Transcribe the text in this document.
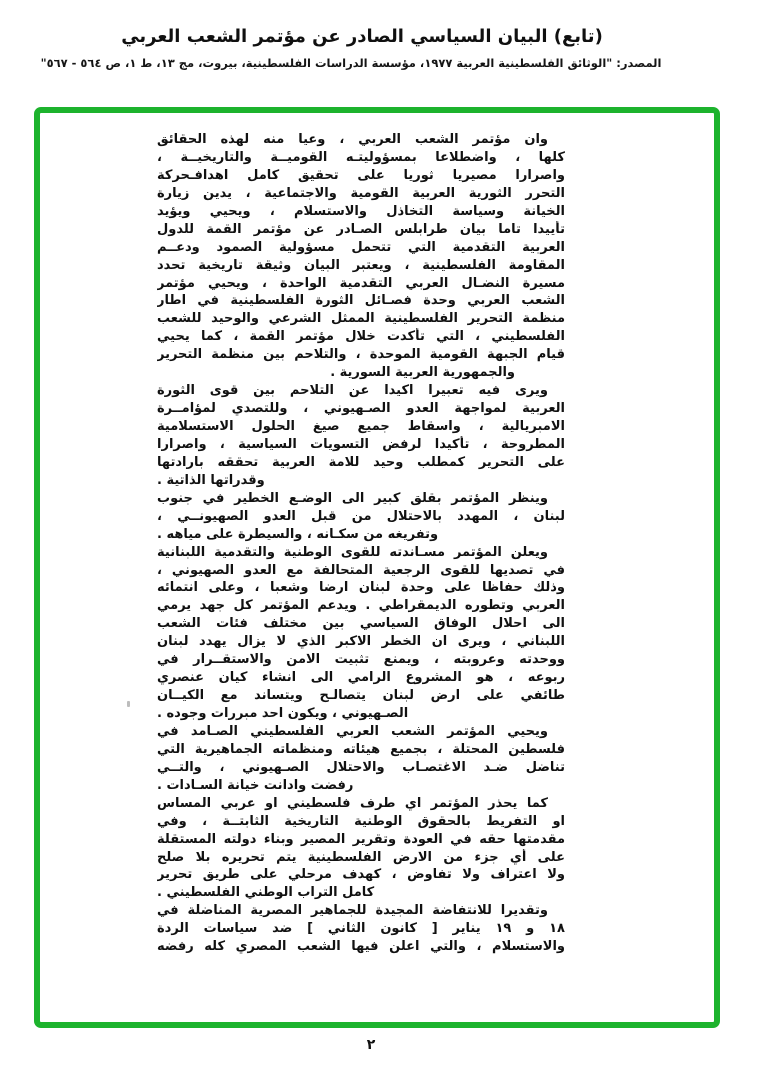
(تابع) البيان السياسي الصادر عن مؤتمر الشعب العربي
المصدر: "الوثائق الفلسطينية العربية ١٩٧٧، مؤسسة الدراسات الفلسطينية، بيروت، مج ١٣، ط ١، ص ٥٦٤ - ٥٦٧"
وان مؤتمر الشعب العربي ، وعيا منه لهذه الحقائق
كلها ، واضطلاعا بمسؤوليتـه القوميــة والتاريخيــة ،
واصرارا مصيريا ثوريا على تحقيق كامل اهدافـحركة
التحرر الثورية العربية القومية والاجتماعية ، يدين زيارة
الخيانة وسياسة التخاذل والاستسلام ، ويحيي ويؤيد
تأييدا تاما بيان طرابلس الصـادر عن مؤتمر القمة للدول
العربية التقدمية التي تتحمل مسؤولية الصمود ودعــم
المقاومة الفلسطينية ، ويعتبر البيان وثيقة تاريخية تحدد
مسيرة النضـال العربي التقدمية الواحدة ، ويحيي مؤتمر
الشعب العربي وحدة فصـائل الثورة الفلسطينية في اطار
منظمة التحرير الفلسطينية الممثل الشرعي والوحيد للشعب
الفلسطيني ، التي تأكدت خلال مؤتمر القمة ، كما يحيي
قيام الجبهة القومية الموحدة ، والتلاحم بين منظمة التحرير
والجمهورية العربية السورية .
ويرى فيه تعبيرا اكيدا عن التلاحم بين قوى الثورة
العربية لمواجهة العدو الصـهيوني ، وللتصدي لمؤامــرة
الامبريالية ، واسقاط جميع صيغ الحلول الاستسلامية
المطروحة ، تأكيدا لرفض التسويات السياسية ، واصرارا
على التحرير كمطلب وحيد للامة العربية تحققه بارادتها
وقدراتها الذاتية .
وينظر المؤتمر بقلق كبير الى الوضـع الخطير في جنوب
لبنان ، المهدد بالاحتلال من قبل العدو الصهيونــي ،
وتفريغه من سكـانه ، والسيطرة على مياهه .
ويعلن المؤتمر مسـاندته للقوى الوطنية والتقدمية اللبنانية
في تصديها للقوى الرجعية المتحالفة مع العدو الصهيوني ،
وذلك حفاظا على وحدة لبنان ارضا وشعبا ، وعلى انتمائه
العربي وتطوره الديمقراطي . ويدعم المؤتمر كل جهد يرمي
الى احلال الوفاق السياسي بين مختلف فئات الشعب
اللبناني ، ويرى ان الخطر الاكبر الذي لا يزال يهدد لبنان
ووحدته وعروبته ، ويمنع تثبيت الامن والاستقــرار في
ربوعه ، هو المشروع الرامي الى انشاء كيان عنصري
طائفي على ارض لبنان يتصالـح ويتساند مع الكيــان
الصـهيوني ، ويكون احد مبررات وجوده .
ويحيي المؤتمر الشعب العربي الفلسطيني الصـامد في
فلسطين المحتلة ، بجميع هيئاته ومنظماته الجماهيرية التي
تناضل ضـد الاغتصـاب والاحتلال الصـهيوني ، والتــي
رفضت وادانت خيانة السـادات .
كما يحذر المؤتمر اي طرف فلسطيني او عربي المساس
او التفريط بالحقوق الوطنية التاريخية الثابتــة ، وفي
مقدمتها حقه في العودة وتقرير المصير وبناء دولته المستقلة
على أي جزء من الارض الفلسطينية يتم تحريره بلا صلح
ولا اعتراف ولا تفاوض ، كهدف مرحلي على طريق تحرير
كامل التراب الوطني الفلسطيني .
وتقديرا للانتفاضة المجيدة للجماهير المصرية المناضلة في
١٨ و ١٩ يناير [ كانون الثاني ] ضد سياسات الردة
والاستسلام ، والتي اعلن فيها الشعب المصري كله رفضه
٢
